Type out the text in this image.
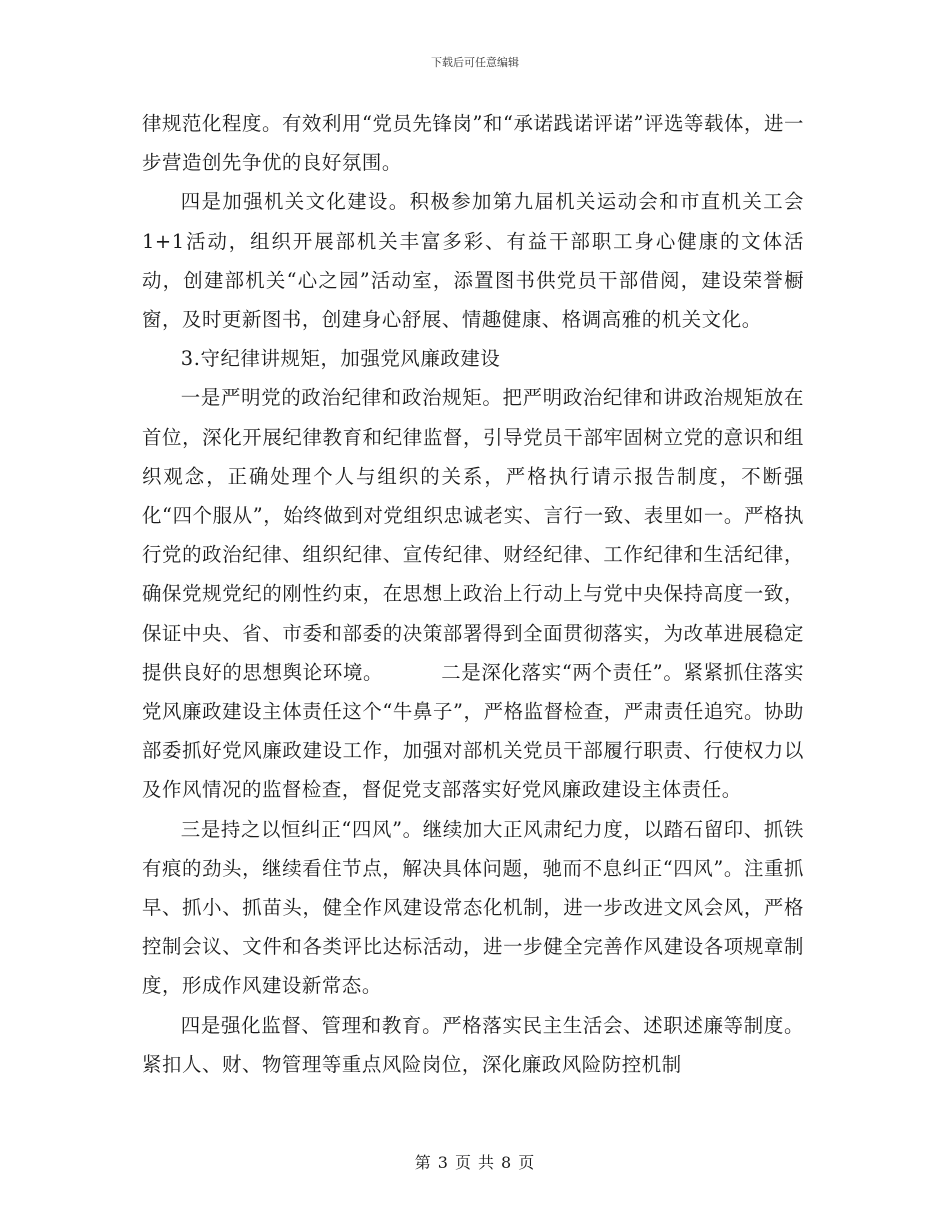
下载后可任意编辑

律规范化程度。有效利用“党员先锋岗”和“承诺践诺评诺”评选等载体，进一步营造创先争优的良好氛围。

四是加强机关文化建设。积极参加第九届机关运动会和市直机关工会1+1活动，组织开展部机关丰富多彩、有益干部职工身心健康的文体活动，创建部机关“心之园”活动室，添置图书供党员干部借阅，建设荣誉橱窗，及时更新图书，创建身心舒展、情趣健康、格调高雅的机关文化。

3.守纪律讲规矩，加强党风廉政建设

一是严明党的政治纪律和政治规矩。把严明政治纪律和讲政治规矩放在首位，深化开展纪律教育和纪律监督，引导党员干部牢固树立党的意识和组织观念，正确处理个人与组织的关系，严格执行请示报告制度，不断强化“四个服从”，始终做到对党组织忠诚老实、言行一致、表里如一。严格执行党的政治纪律、组织纪律、宣传纪律、财经纪律、工作纪律和生活纪律，确保党规党纪的刚性约束，在思想上政治上行动上与党中央保持高度一致，保证中央、省、市委和部委的决策部署得到全面贯彻落实，为改革进展稳定提供良好的思想舆论环境。	二是深化落实“两个责任”。紧紧抓住落实党风廉政建设主体责任这个“牛鼻子”，严格监督检查，严肃责任追究。协助部委抓好党风廉政建设工作，加强对部机关党员干部履行职责、行使权力以及作风情况的监督检查，督促党支部落实好党风廉政建设主体责任。

三是持之以恒纠正“四风”。继续加大正风肃纪力度，以踏石留印、抓铁有痕的劲头，继续看住节点，解决具体问题，驰而不息纠正“四风”。注重抓早、抓小、抓苗头，健全作风建设常态化机制，进一步改进文风会风，严格控制会议、文件和各类评比达标活动，进一步健全完善作风建设各项规章制度，形成作风建设新常态。

四是强化监督、管理和教育。严格落实民主生活会、述职述廉等制度。紧扣人、财、物管理等重点风险岗位，深化廉政风险防控机制

第 3 页 共 8 页
